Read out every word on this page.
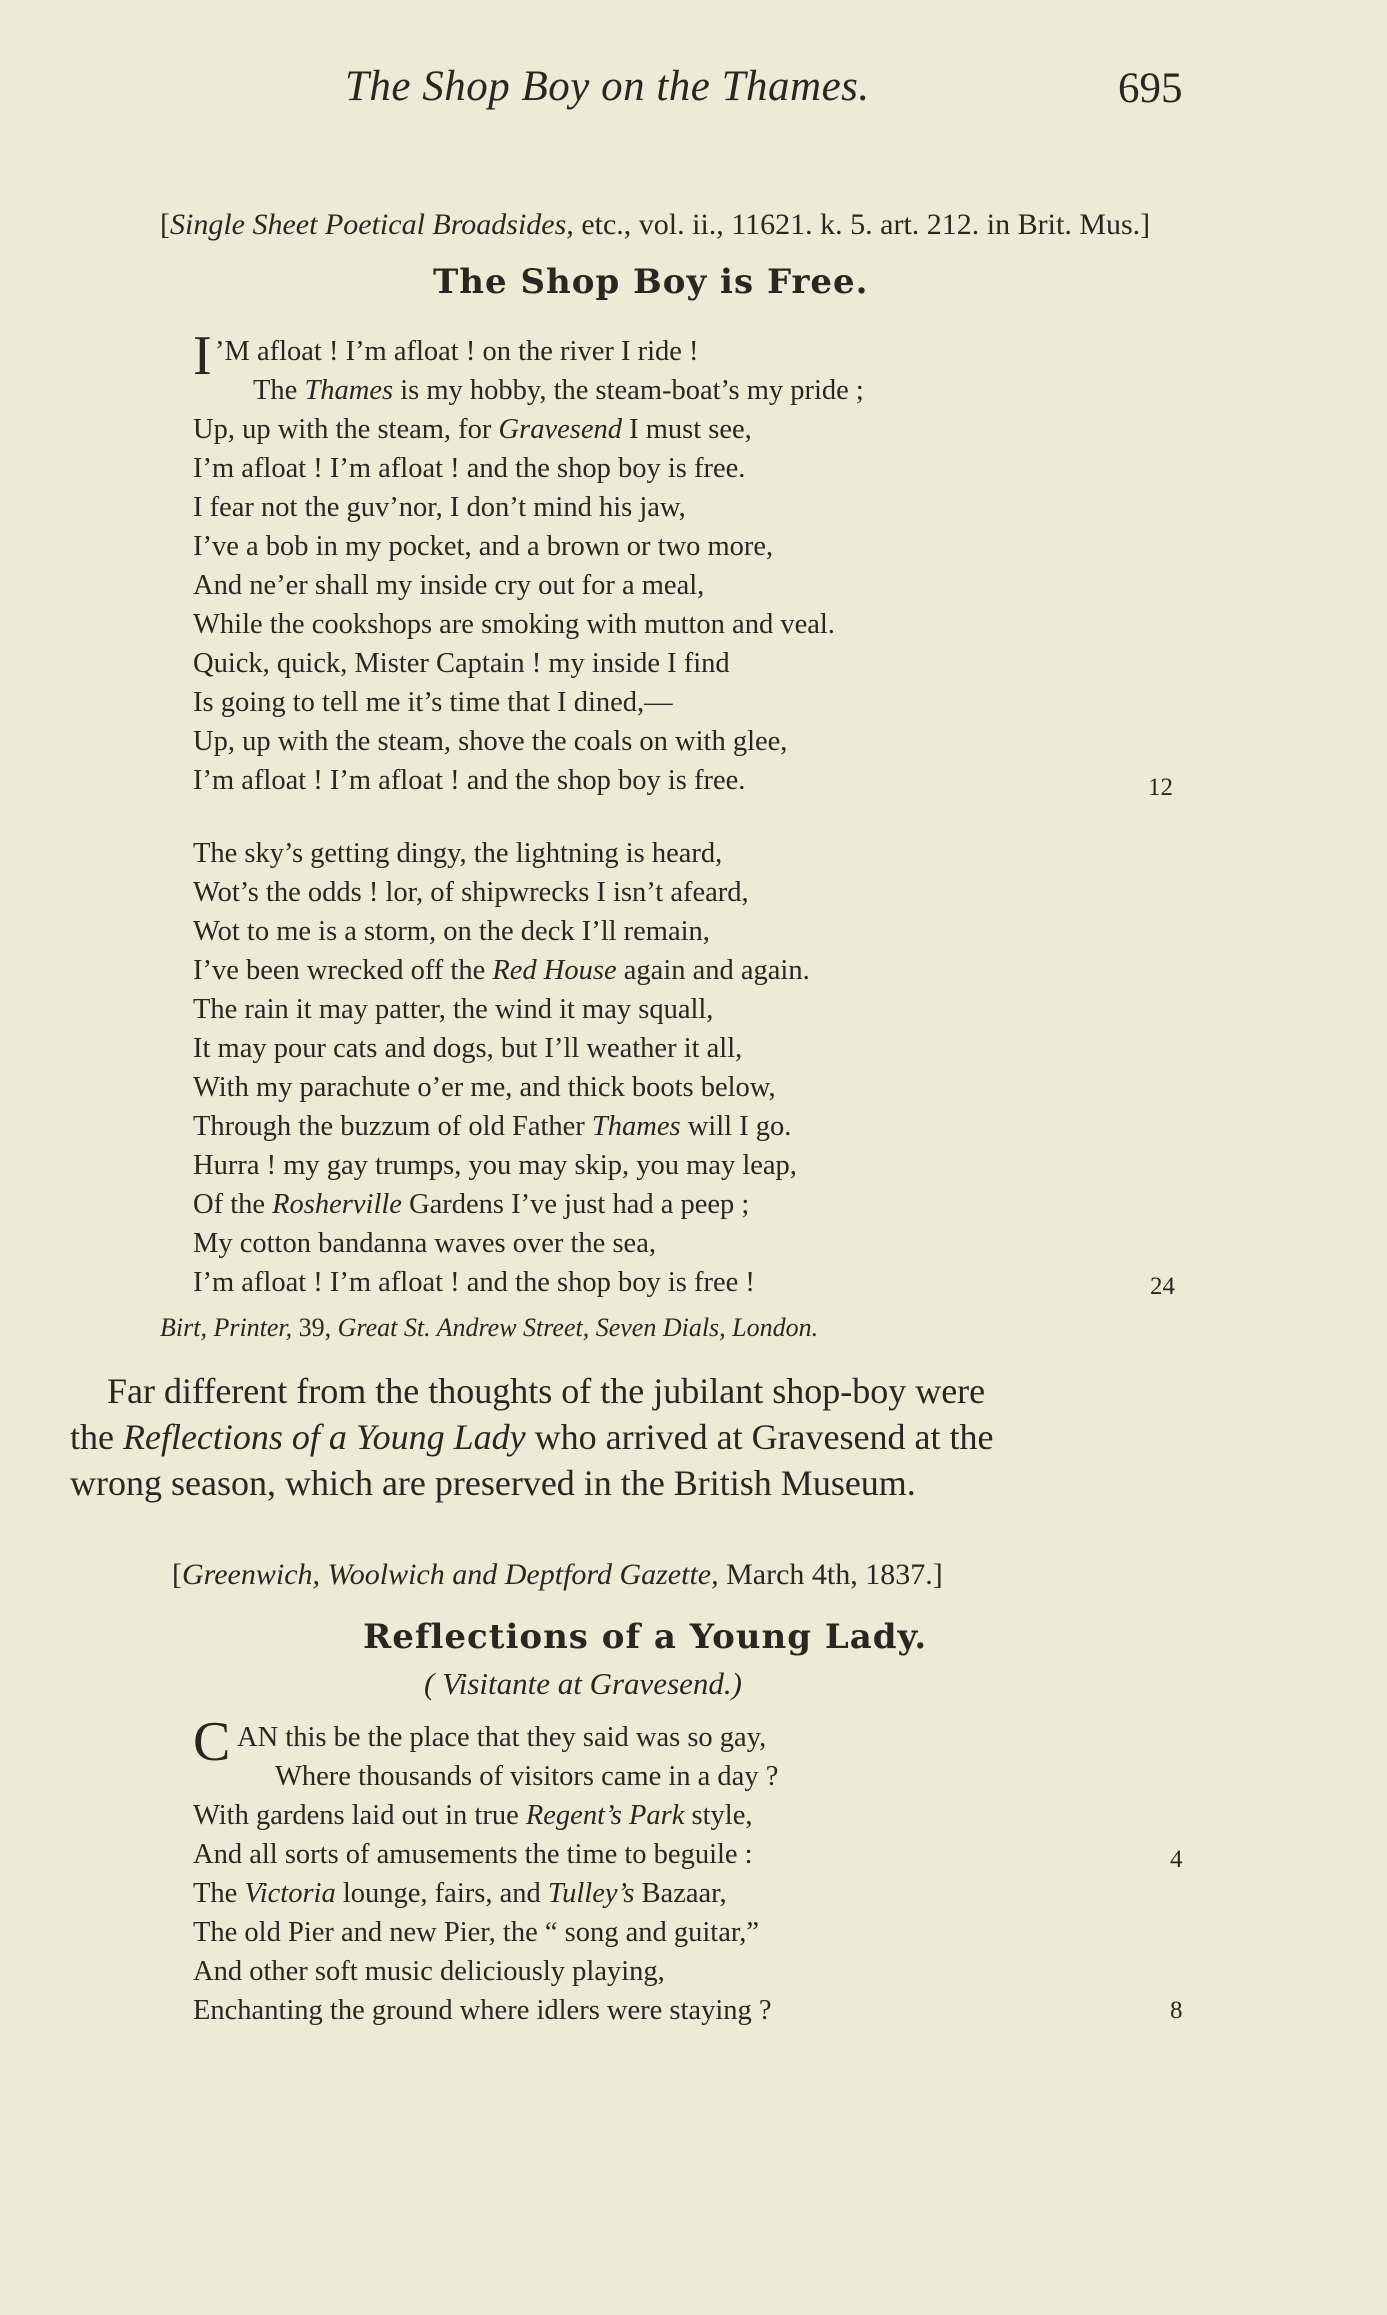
The Shop Boy on the Thames.	695
[Single Sheet Poetical Broadsides, etc., vol. ii., 11621. k. 5. art. 212. in Brit. Mus.]
The Shop Boy is Free.
I ’M afloat ! I’m afloat ! on the river I ride !
The Thames is my hobby, the steam-boat’s my pride ;
Up, up with the steam, for Gravesend I must see,
I’m afloat ! I’m afloat ! and the shop boy is free.
I fear not the guv’nor, I don’t mind his jaw,
I’ve a bob in my pocket, and a brown or two more,
And ne’er shall my inside cry out for a meal,
While the cookshops are smoking with mutton and veal.
Quick, quick, Mister Captain ! my inside I find
Is going to tell me it’s time that I dined,—
Up, up with the steam, shove the coals on with glee,
I’m afloat ! I’m afloat ! and the shop boy is free.	12
The sky’s getting dingy, the lightning is heard,
Wot’s the odds ! lor, of shipwrecks I isn’t afeard,
Wot to me is a storm, on the deck I’ll remain,
I’ve been wrecked off the Red House again and again.
The rain it may patter, the wind it may squall,
It may pour cats and dogs, but I’ll weather it all,
With my parachute o’er me, and thick boots below,
Through the buzzum of old Father Thames will I go.
Hurra ! my gay trumps, you may skip, you may leap,
Of the Rosherville Gardens I’ve just had a peep ;
My cotton bandanna waves over the sea,
I’m afloat ! I’m afloat ! and the shop boy is free !	24
Birt, Printer, 39, Great St. Andrew Street, Seven Dials, London.
Far different from the thoughts of the jubilant shop-boy were
the Reflections of a Young Lady who arrived at Gravesend at the
wrong season, which are preserved in the British Museum.
[Greenwich, Woolwich and Deptford Gazette, March 4th, 1837.]
Reflections of a Young Lady.
( Visitante at Gravesend.)
C AN this be the place that they said was so gay,
Where thousands of visitors came in a day ?
With gardens laid out in true Regent’s Park style,
And all sorts of amusements the time to beguile :
The Victoria lounge, fairs, and Tulley’s Bazaar,
The old Pier and new Pier, the “ song and guitar,”
And other soft music deliciously playing,
Enchanting the ground where idlers were staying ?
4
8
